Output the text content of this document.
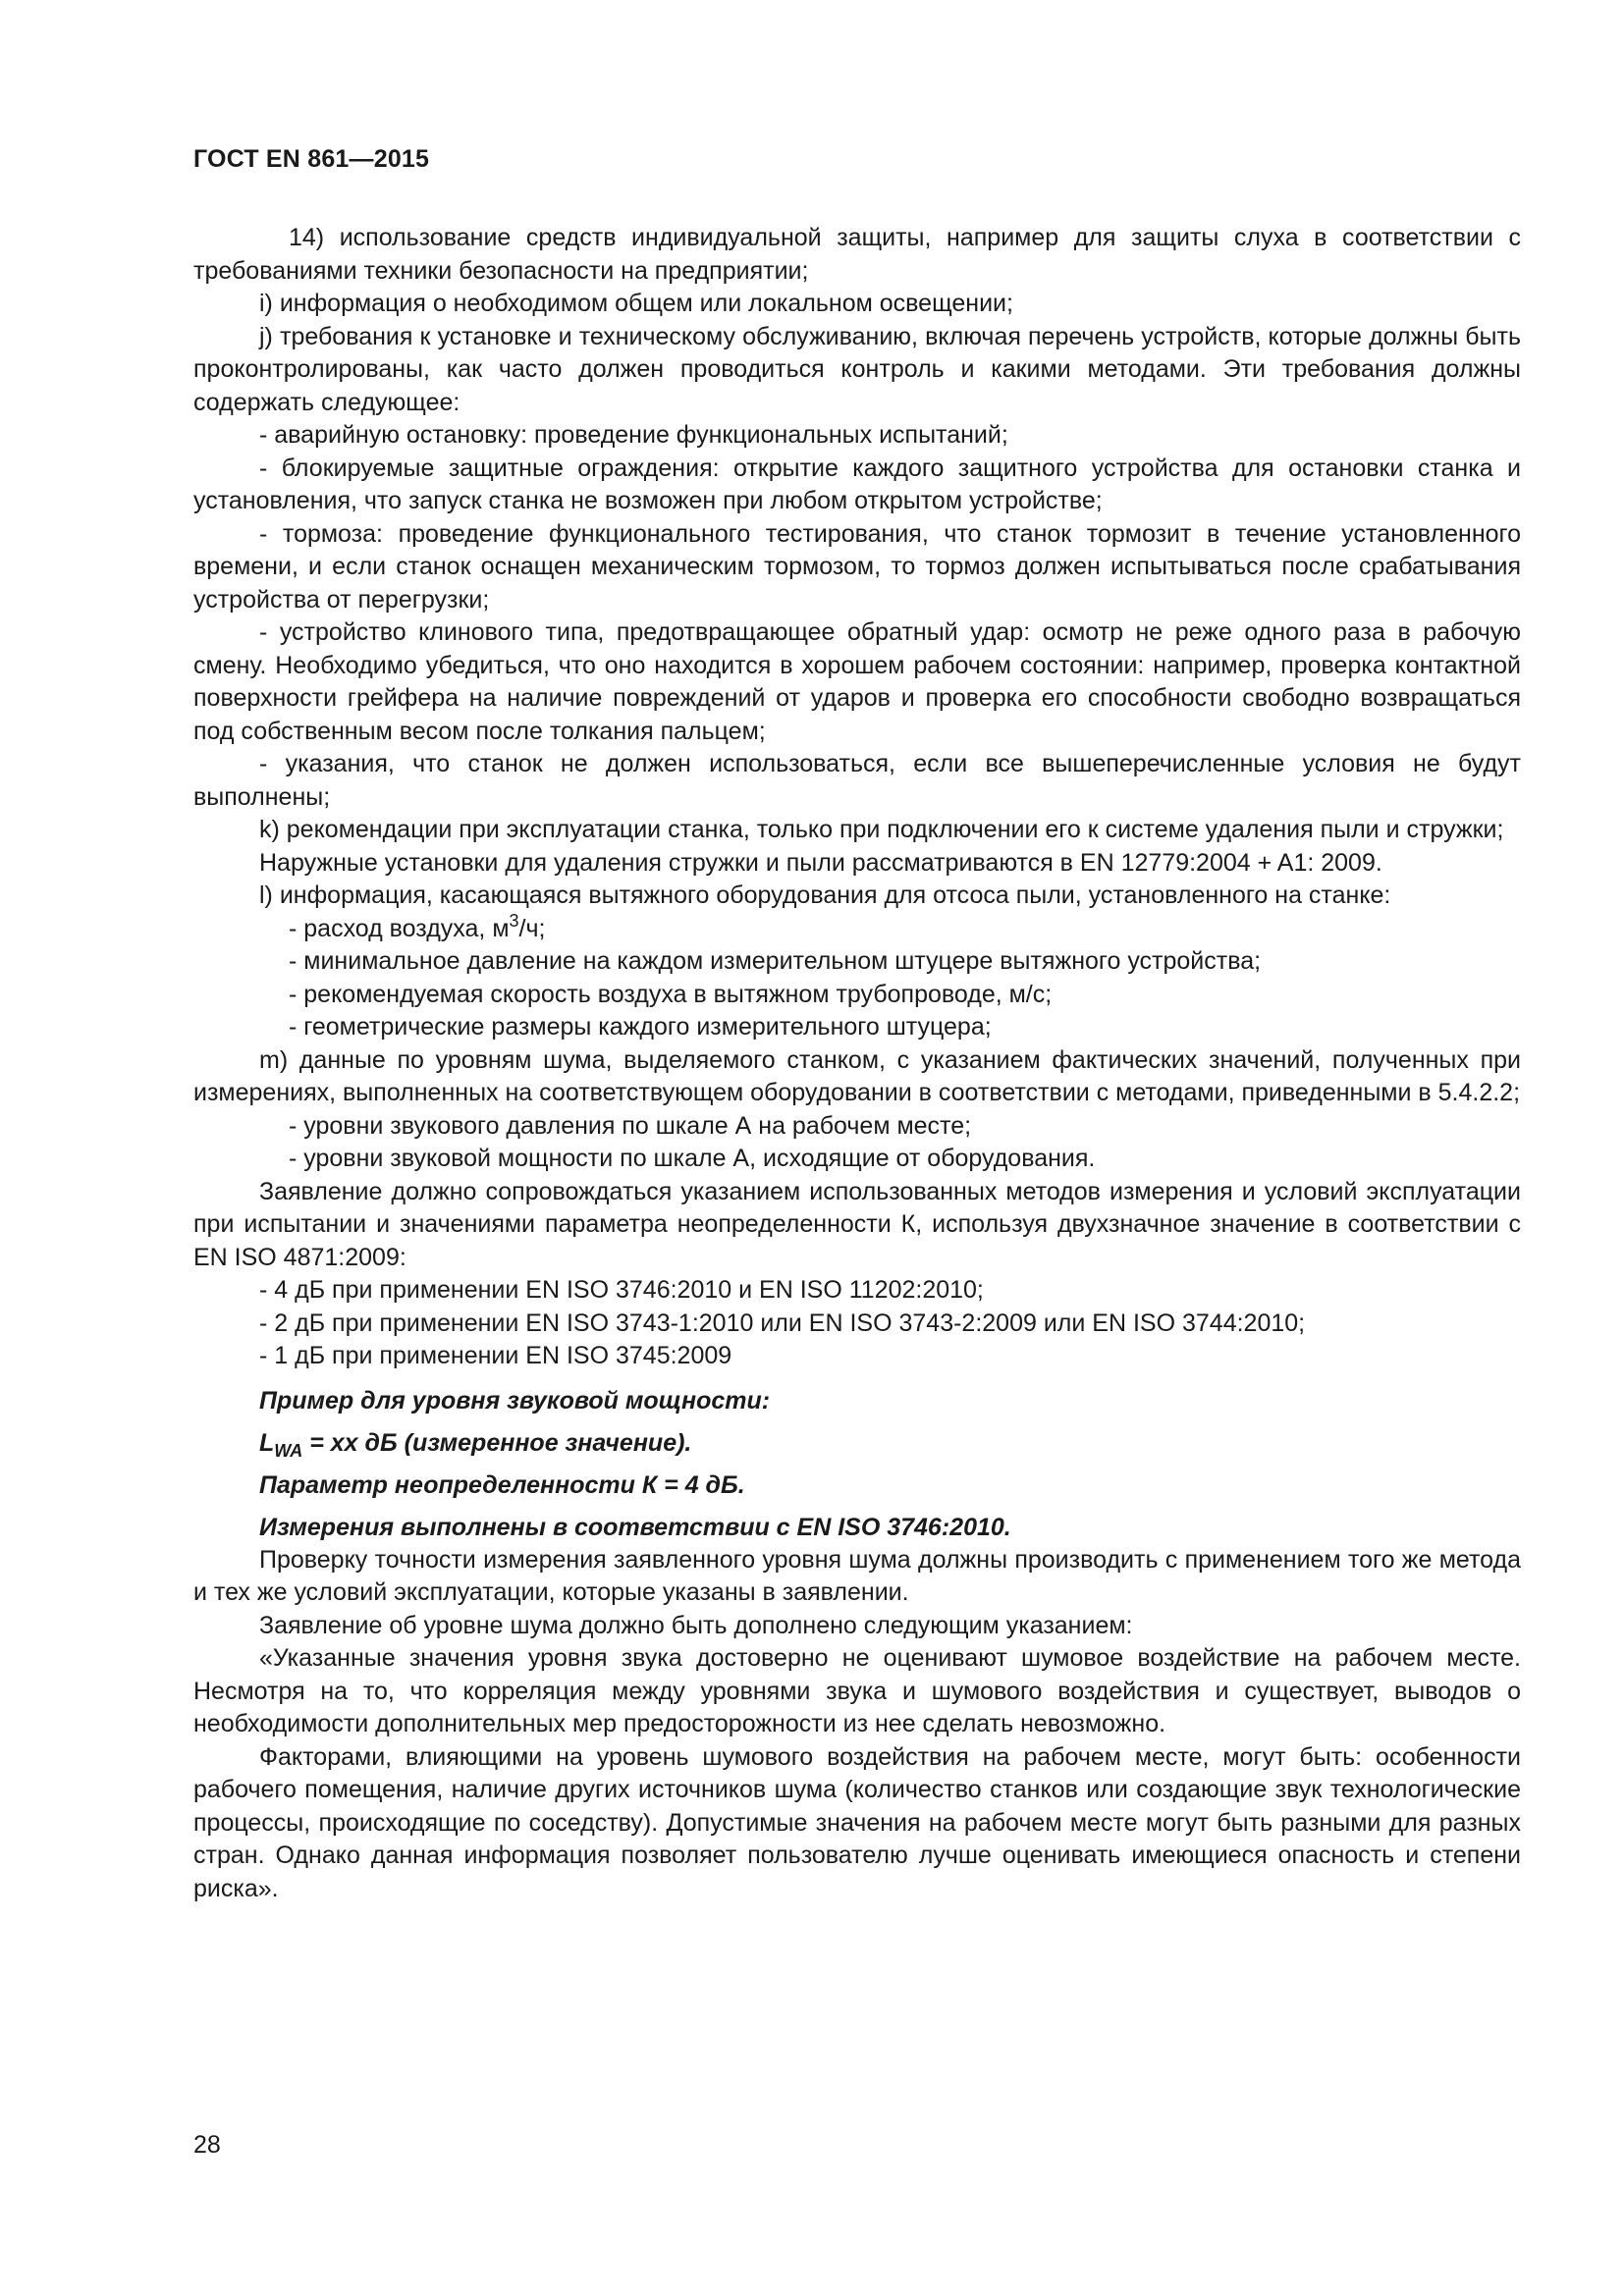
ГОСТ EN 861—2015

14) использование средств индивидуальной защиты, например для защиты слуха в соответствии с требованиями техники безопасности на предприятии;

i) информация о необходимом общем или локальном освещении;

j) требования к установке и техническому обслуживанию, включая перечень устройств, которые должны быть проконтролированы, как часто должен проводиться контроль и какими методами. Эти требования должны содержать следующее:

- аварийную остановку: проведение функциональных испытаний;

- блокируемые защитные ограждения: открытие каждого защитного устройства для остановки станка и установления, что запуск станка не возможен при любом открытом устройстве;

- тормоза: проведение функционального тестирования, что станок тормозит в течение установленного времени, и если станок оснащен механическим тормозом, то тормоз должен испытываться после срабатывания устройства от перегрузки;

- устройство клинового типа, предотвращающее обратный удар: осмотр не реже одного раза в рабочую смену. Необходимо убедиться, что оно находится в хорошем рабочем состоянии: например, проверка контактной поверхности грейфера на наличие повреждений от ударов и проверка его способности свободно возвращаться под собственным весом после толкания пальцем;

- указания, что станок не должен использоваться, если все вышеперечисленные условия не будут выполнены;

k) рекомендации при эксплуатации станка, только при подключении его к системе удаления пыли и стружки;

Наружные установки для удаления стружки и пыли рассматриваются в EN 12779:2004 + A1: 2009.

l) информация, касающаяся вытяжного оборудования для отсоса пыли, установленного на станке:

- расход воздуха, $м^3/ч$;

- минимальное давление на каждом измерительном штуцере вытяжного устройства;

- рекомендуемая скорость воздуха в вытяжном трубопроводе, м/с;

- геометрические размеры каждого измерительного штуцера;

m) данные по уровням шума, выделяемого станком, с указанием фактических значений, полученных при измерениях, выполненных на соответствующем оборудовании в соответствии с методами, приведенными в 5.4.2.2;

- уровни звукового давления по шкале А на рабочем месте;

- уровни звуковой мощности по шкале А, исходящие от оборудования.

Заявление должно сопровождаться указанием использованных методов измерения и условий эксплуатации при испытании и значениями параметра неопределенности К, используя двухзначное значение в соответствии с EN ISO 4871:2009:

- 4 дБ при применении EN ISO 3746:2010 и EN ISO 11202:2010;

- 2 дБ при применении EN ISO 3743-1:2010 или EN ISO 3743-2:2009 или EN ISO 3744:2010;

- 1 дБ при применении EN ISO 3745:2009

Пример для уровня звуковой мощности:

$L_{WA}$ = хх дБ (измеренное значение).

Параметр неопределенности К = 4 дБ.

Измерения выполнены в соответствии с EN ISO 3746:2010.

Проверку точности измерения заявленного уровня шума должны производить с применением того же метода и тех же условий эксплуатации, которые указаны в заявлении.

Заявление об уровне шума должно быть дополнено следующим указанием:

«Указанные значения уровня звука достоверно не оценивают шумовое воздействие на рабочем месте. Несмотря на то, что корреляция между уровнями звука и шумового воздействия и существует, выводов о необходимости дополнительных мер предосторожности из нее сделать невозможно.

Факторами, влияющими на уровень шумового воздействия на рабочем месте, могут быть: особенности рабочего помещения, наличие других источников шума (количество станков или создающие звук технологические процессы, происходящие по соседству). Допустимые значения на рабочем месте могут быть разными для разных стран. Однако данная информация позволяет пользователю лучше оценивать имеющиеся опасность и степени риска».

28
